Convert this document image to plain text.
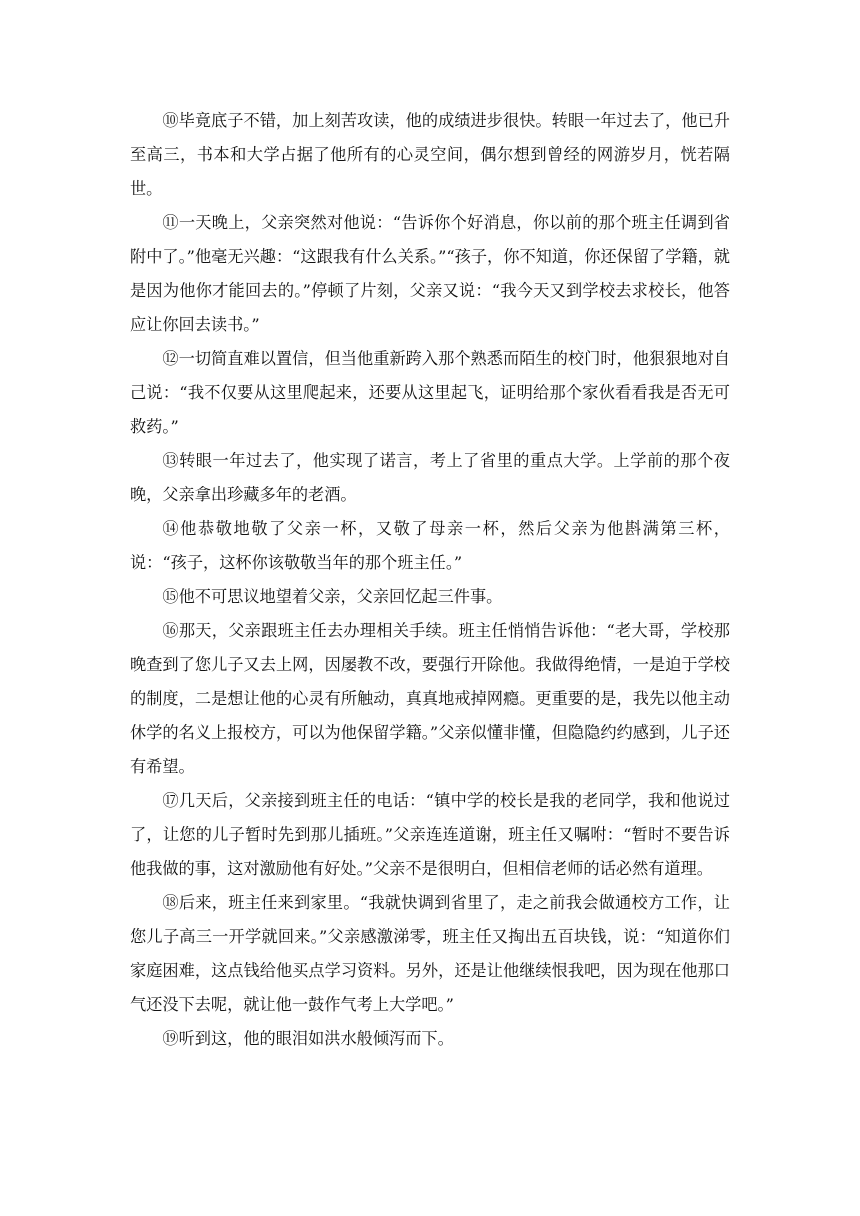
⑩毕竟底子不错，加上刻苦攻读，他的成绩进步很快。转眼一年过去了，他已升至高三，书本和大学占据了他所有的心灵空间，偶尔想到曾经的网游岁月，恍若隔世。

⑪一天晚上，父亲突然对他说：“告诉你个好消息，你以前的那个班主任调到省附中了。”他毫无兴趣：“这跟我有什么关系。”“孩子，你不知道，你还保留了学籍，就是因为他你才能回去的。”停顿了片刻，父亲又说：“我今天又到学校去求校长，他答应让你回去读书。”

⑫一切简直难以置信，但当他重新跨入那个熟悉而陌生的校门时，他狠狠地对自己说：“我不仅要从这里爬起来，还要从这里起飞，证明给那个家伙看看我是否无可救药。”

⑬转眼一年过去了，他实现了诺言，考上了省里的重点大学。上学前的那个夜晚，父亲拿出珍藏多年的老酒。

⑭他恭敬地敬了父亲一杯，又敬了母亲一杯，然后父亲为他斟满第三杯，说：“孩子，这杯你该敬敬当年的那个班主任。”

⑮他不可思议地望着父亲，父亲回忆起三件事。

⑯那天，父亲跟班主任去办理相关手续。班主任悄悄告诉他：“老大哥，学校那晚查到了您儿子又去上网，因屡教不改，要强行开除他。我做得绝情，一是迫于学校的制度，二是想让他的心灵有所触动，真真地戒掉网瘾。更重要的是，我先以他主动休学的名义上报校方，可以为他保留学籍。”父亲似懂非懂，但隐隐约约感到，儿子还有希望。

⑰几天后，父亲接到班主任的电话：“镇中学的校长是我的老同学，我和他说过了，让您的儿子暂时先到那儿插班。”父亲连连道谢，班主任又嘱咐：“暂时不要告诉他我做的事，这对激励他有好处。”父亲不是很明白，但相信老师的话必然有道理。

⑱后来，班主任来到家里。“我就快调到省里了，走之前我会做通校方工作，让您儿子高三一开学就回来。”父亲感激涕零，班主任又掏出五百块钱，说：“知道你们家庭困难，这点钱给他买点学习资料。另外，还是让他继续恨我吧，因为现在他那口气还没下去呢，就让他一鼓作气考上大学吧。”

⑲听到这，他的眼泪如洪水般倾泻而下。
